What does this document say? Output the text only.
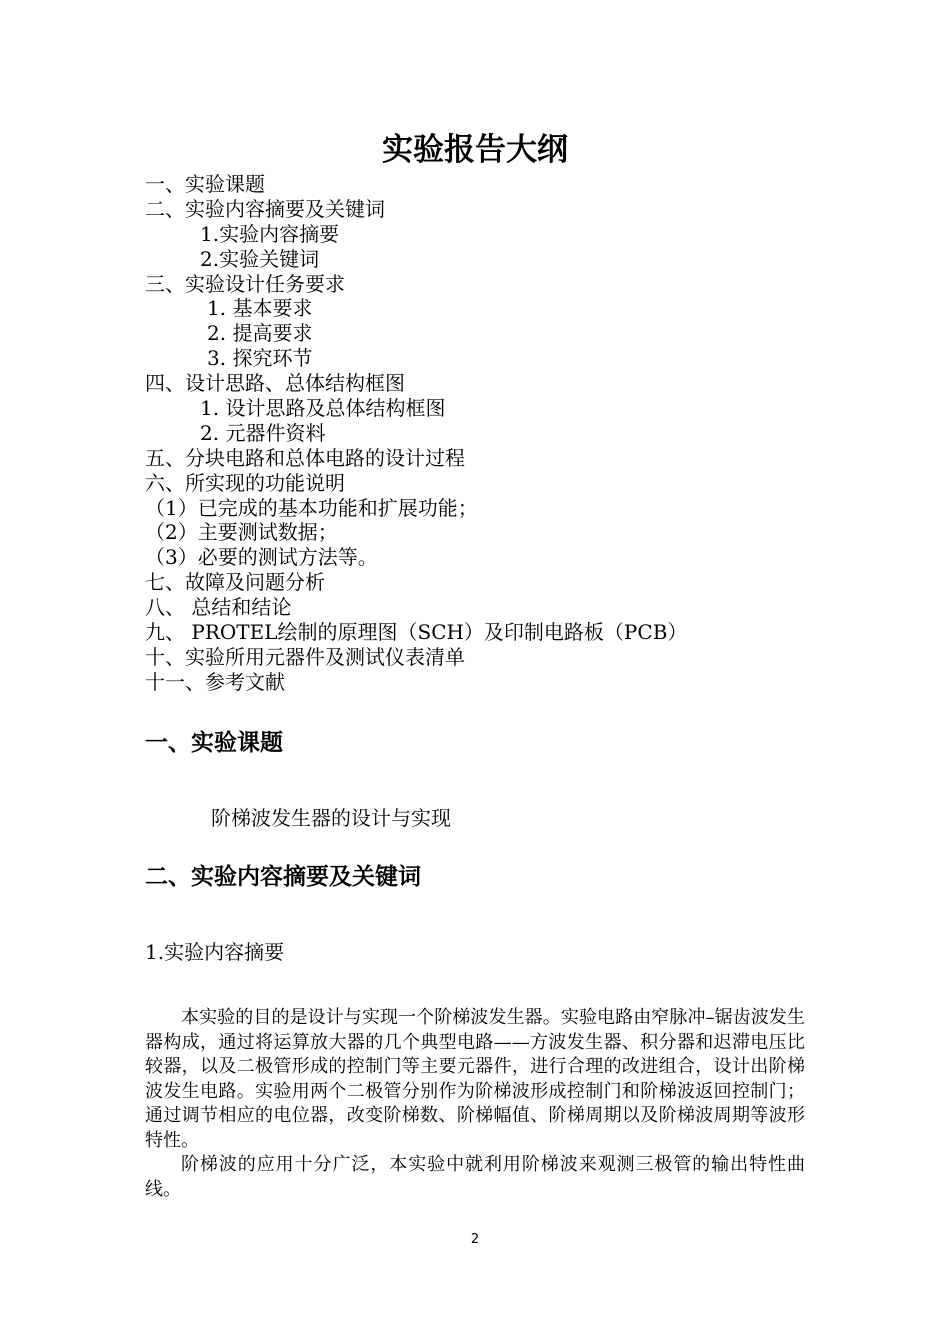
实验报告大纲
一、实验课题
二、实验内容摘要及关键词
1.实验内容摘要
2.实验关键词
三、实验设计任务要求
1. 基本要求
2. 提高要求
3. 探究环节
四、设计思路、总体结构框图
1. 设计思路及总体结构框图
2. 元器件资料
五、分块电路和总体电路的设计过程
六、所实现的功能说明
（1）已完成的基本功能和扩展功能；
（2）主要测试数据；
（3）必要的测试方法等。
七、故障及问题分析
八、 总结和结论
九、 PROTEL绘制的原理图（SCH）及印制电路板（PCB）
十、实验所用元器件及测试仪表清单
十一、参考文献
一、实验课题
阶梯波发生器的设计与实现
二、实验内容摘要及关键词
1.实验内容摘要

本实验的目的是设计与实现一个阶梯波发生器。实验电路由窄脉冲–锯齿波发生器构成，通过将运算放大器的几个典型电路——方波发生器、积分器和迟滞电压比较器，以及二极管形成的控制门等主要元器件，进行合理的改进组合，设计出阶梯波发生电路。实验用两个二极管分别作为阶梯波形成控制门和阶梯波返回控制门；通过调节相应的电位器，改变阶梯数、阶梯幅值、阶梯周期以及阶梯波周期等波形特性。

阶梯波的应用十分广泛，本实验中就利用阶梯波来观测三极管的输出特性曲线。

2
